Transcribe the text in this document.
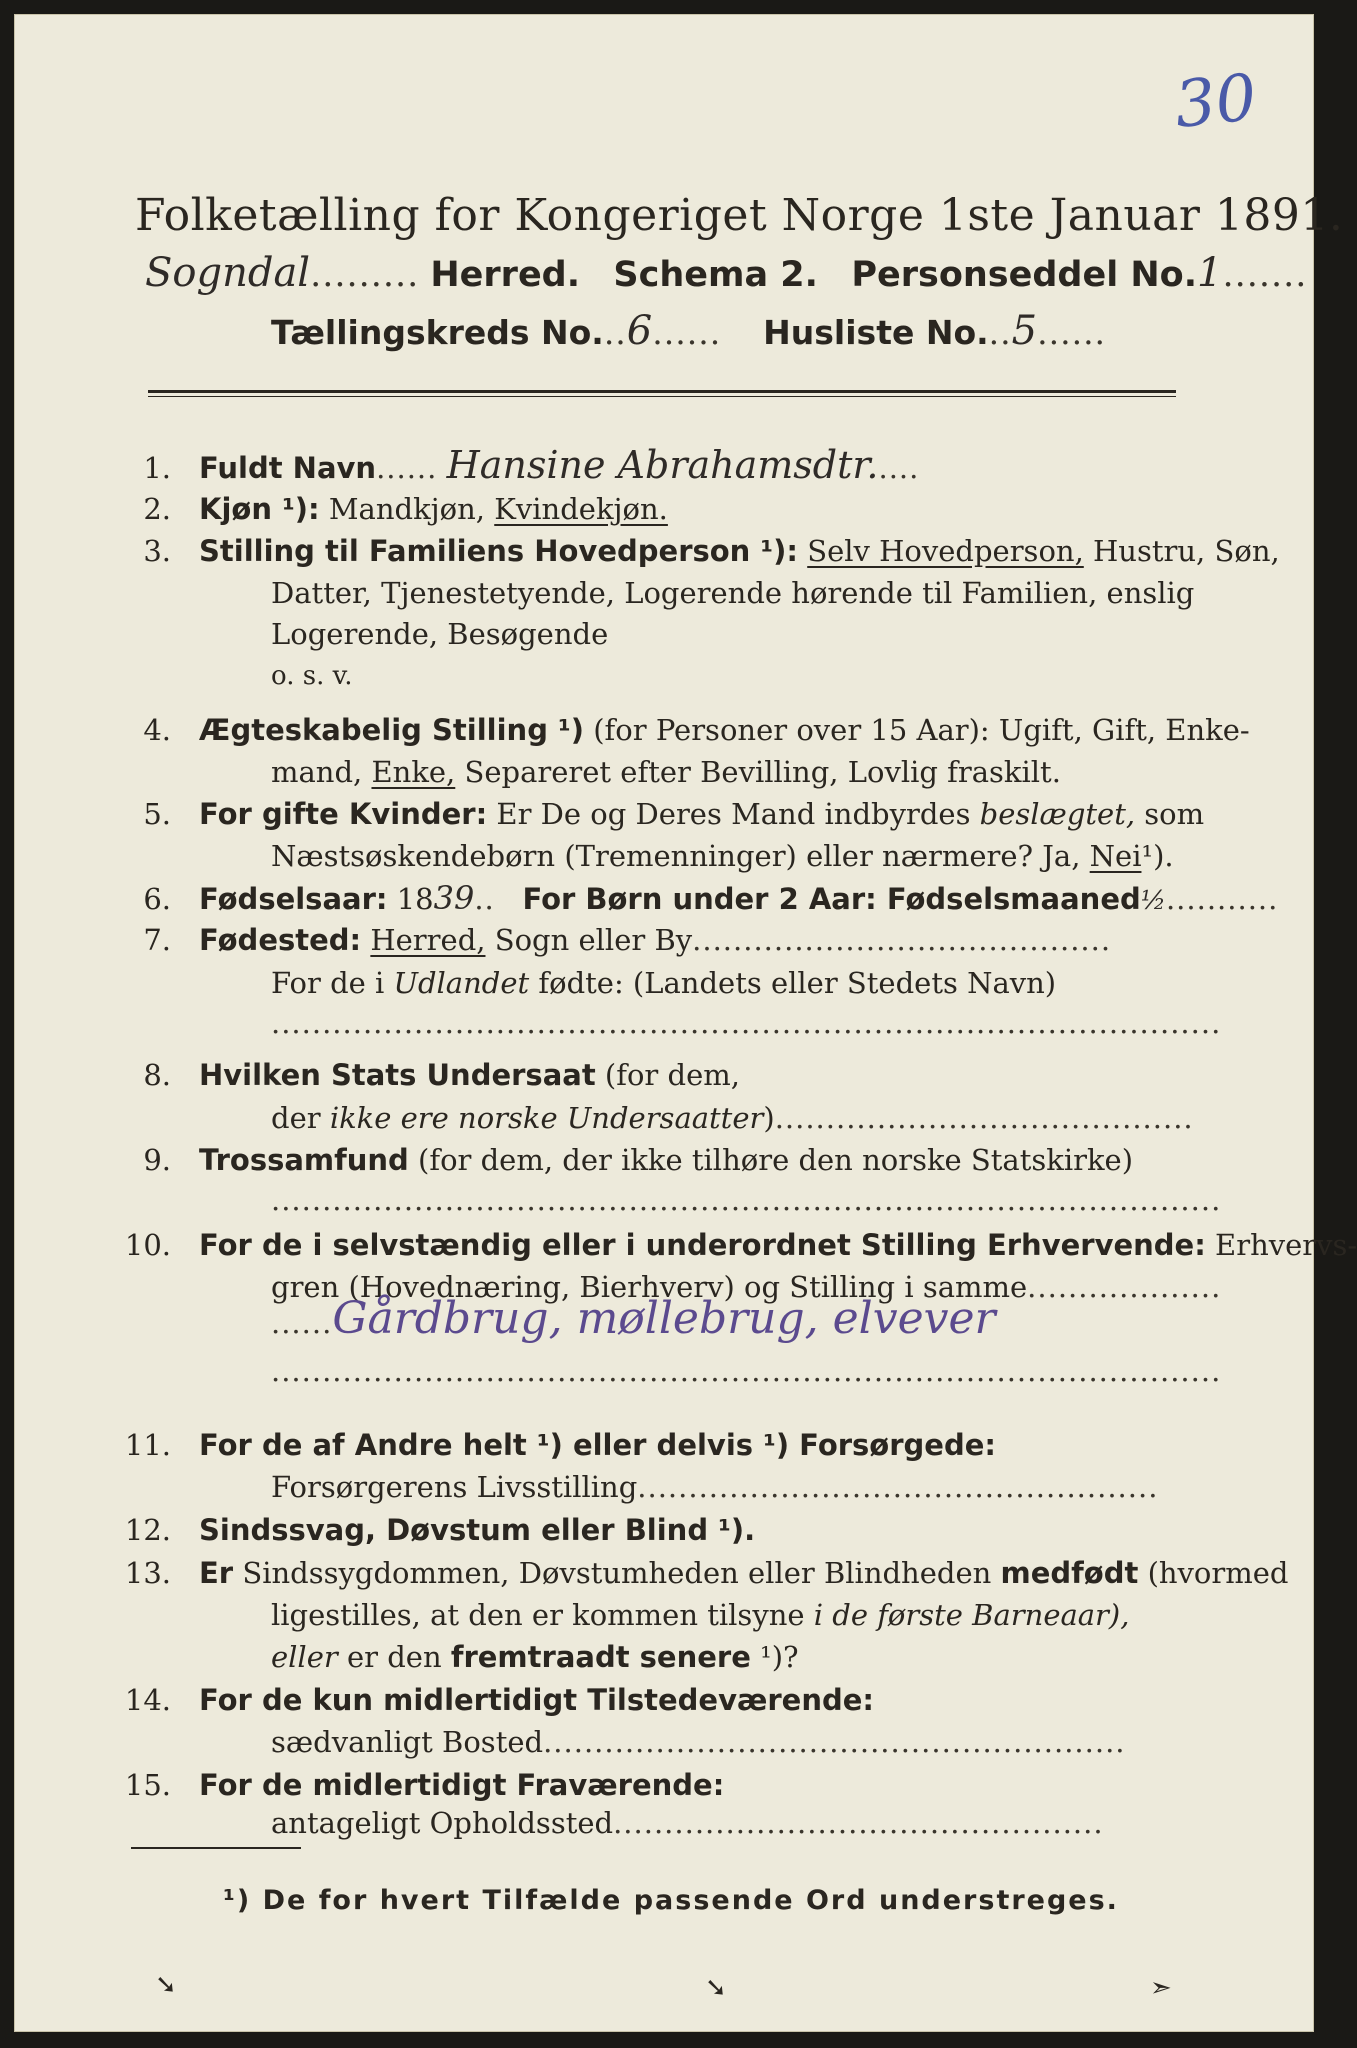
30
Folketælling for Kongeriget Norge 1ste Januar 1891.
Sogndal......... Herred. Schema 2. Personseddel No.1.......
Tællingskreds No...6...... Husliste No...5......
1. Fuldt Navn...... Hansine Abrahamsdtr.....
2. Kjøn ¹): Mandkjøn, Kvindekjøn.
3. Stilling til Familiens Hovedperson ¹): Selv Hovedperson, Hustru, Søn,
Datter, Tjenestetyende, Logerende hørende til Familien, enslig
Logerende, Besøgende
o. s. v.
4. Ægteskabelig Stilling ¹) (for Personer over 15 Aar): Ugift, Gift, Enke-
mand, Enke, Separeret efter Bevilling, Lovlig fraskilt.
5. For gifte Kvinder: Er De og Deres Mand indbyrdes beslægtet, som
Næstsøskendebørn (Tremenninger) eller nærmere? Ja, Nei¹).
6. Fødselsaar: 1839.. For Børn under 2 Aar: Fødselsmaaned½...........
7. Fødested: Herred, Sogn eller By.........................................
For de i Udlandet fødte: (Landets eller Stedets Navn)
.............................................................................................
8. Hvilken Stats Undersaat (for dem,
der ikke ere norske Undersaatter).........................................
9. Trossamfund (for dem, der ikke tilhøre den norske Statskirke)
.............................................................................................
10. For de i selvstændig eller i underordnet Stilling Erhvervende: Erhvervs-
gren (Hovednæring, Bierhverv) og Stilling i samme...................
......Gårdbrug, møllebrug, elvever
.............................................................................................
11. For de af Andre helt ¹) eller delvis ¹) Forsørgede:
Forsørgerens Livsstilling...................................................
12. Sindssvag, Døvstum eller Blind ¹).
13. Er Sindssygdommen, Døvstumheden eller Blindheden medfødt (hvormed
ligestilles, at den er kommen tilsyne i de første Barneaar),
eller er den fremtraadt senere ¹)?
14. For de kun midlertidigt Tilstedeværende:
sædvanligt Bosted.........................................................
15. For de midlertidigt Fraværende:
antageligt Opholdssted................................................
¹) De for hvert Tilfælde passende Ord understreges.
➘	➘	➣
